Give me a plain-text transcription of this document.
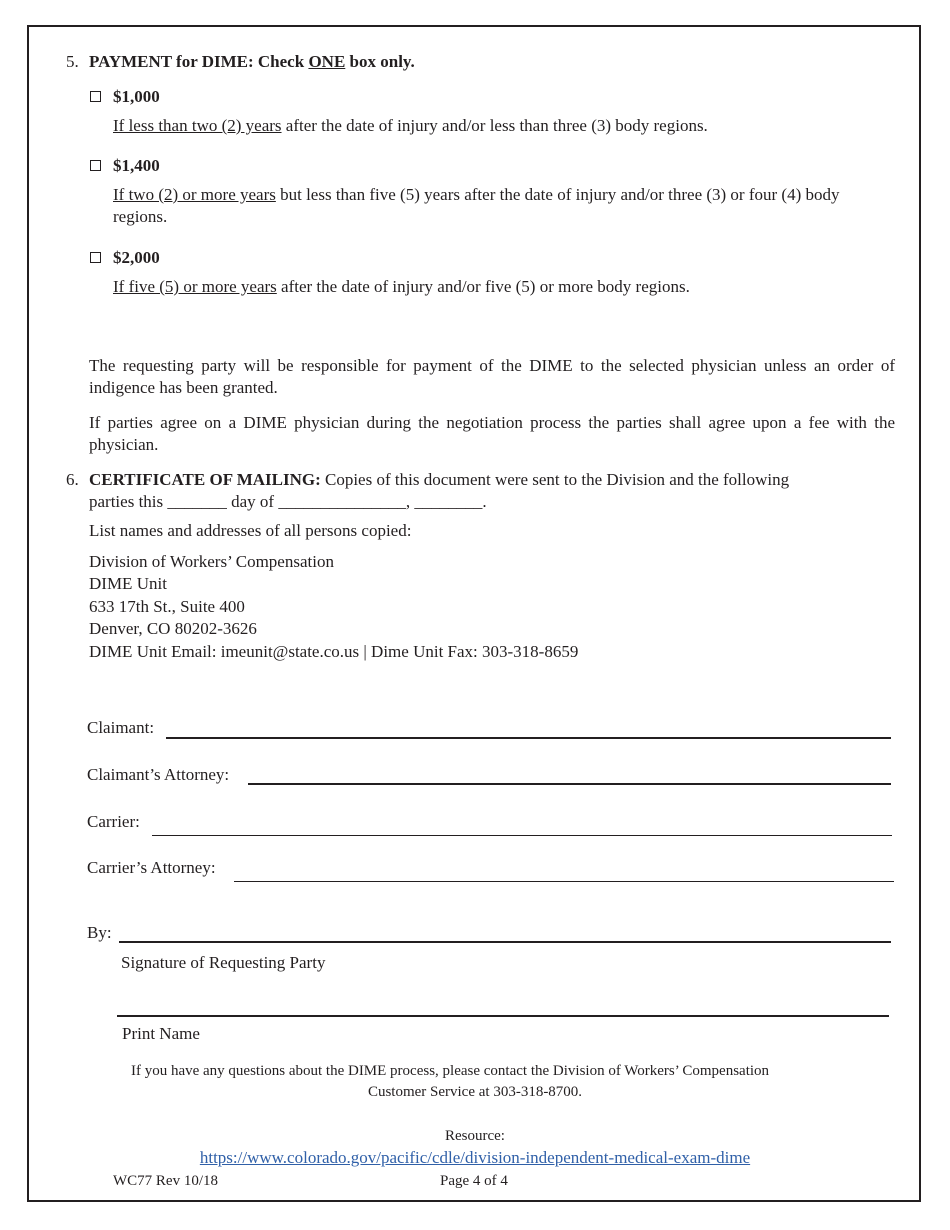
5. PAYMENT for DIME: Check ONE box only.
$1,000
If less than two (2) years after the date of injury and/or less than three (3) body regions.
$1,400
If two (2) or more years but less than five (5) years after the date of injury and/or three (3) or four (4) body regions.
$2,000
If five (5) or more years after the date of injury and/or five (5) or more body regions.
The requesting party will be responsible for payment of the DIME to the selected physician unless an order of indigence has been granted.
If parties agree on a DIME physician during the negotiation process the parties shall agree upon a fee with the physician.
6. CERTIFICATE OF MAILING: Copies of this document were sent to the Division and the following
parties this _______ day of _______________, ________.
List names and addresses of all persons copied:
Division of Workers’ Compensation
DIME Unit
633 17th St., Suite 400
Denver, CO 80202-3626
DIME Unit Email: imeunit@state.co.us | Dime Unit Fax: 303-318-8659
Claimant:
Claimant’s Attorney:
Carrier:
Carrier’s Attorney:
By:
Signature of Requesting Party
Print Name
If you have any questions about the DIME process, please contact the Division of Workers’ Compensation
Customer Service at 303-318-8700.
Resource:
https://www.colorado.gov/pacific/cdle/division-independent-medical-exam-dime
WC77 Rev 10/18	Page 4 of 4
